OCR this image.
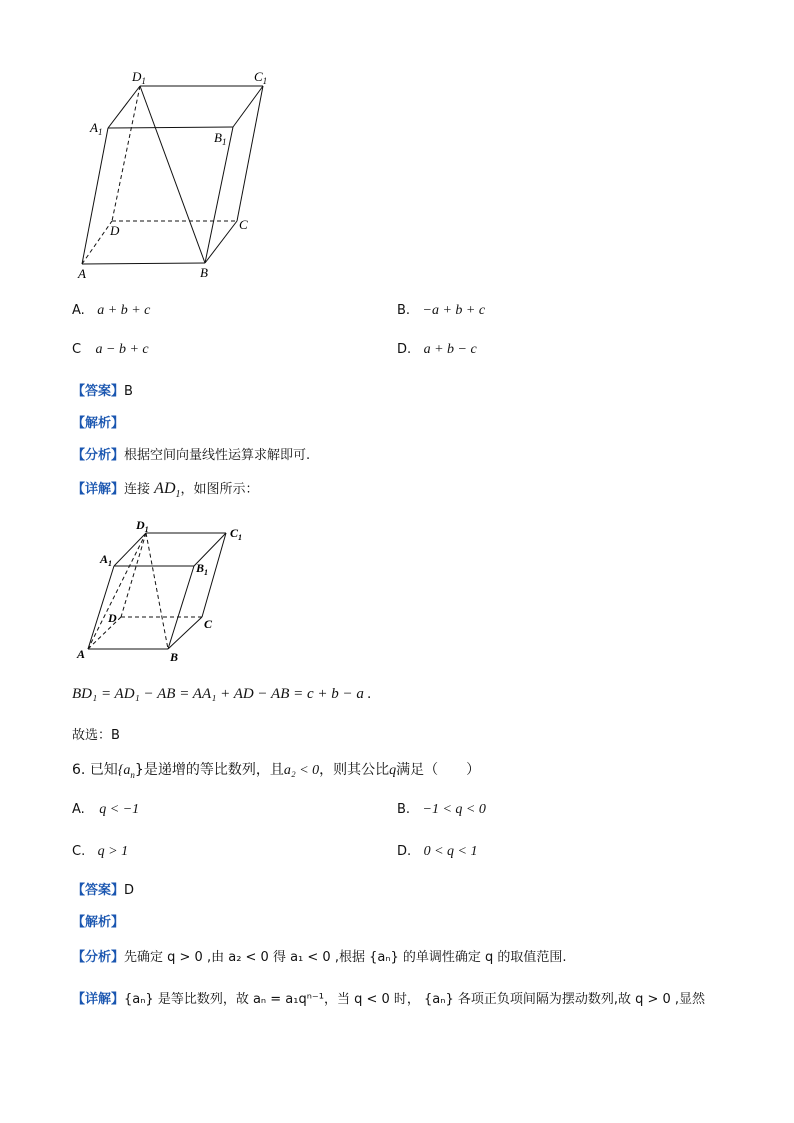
$D_1$	$C_1$
$A_1$	$B_1$
D	C
A	B
A. a + b + c	B. −a + b + c
C a − b + c	D. a + b − c
【答案】B
【解析】
【分析】根据空间向量线性运算求解即可.
【详解】连接 $AD_1$，如图所示：
$D_1$	$C_1$
$A_1$	$B_1$
D	C
A	B
BD₁ = AD₁ − AB = AA₁ + AD − AB = c + b − a .
故选：B
6. 已知$\{a_n\}$是递增的等比数列，且a₂ < 0，则其公比q满足（　　）
A. q < −1	B. −1 < q < 0
C. q > 1	D. 0 < q < 1
【答案】D
【解析】
【分析】先确定 q > 0 ,由 a₂ < 0 得 a₁ < 0 ,根据 {aₙ} 的单调性确定 q 的取值范围.
【详解】{aₙ} 是等比数列，故 aₙ = a₁qⁿ⁻¹，当 q < 0 时， {aₙ} 各项正负项间隔为摆动数列,故 q > 0 ,显然
